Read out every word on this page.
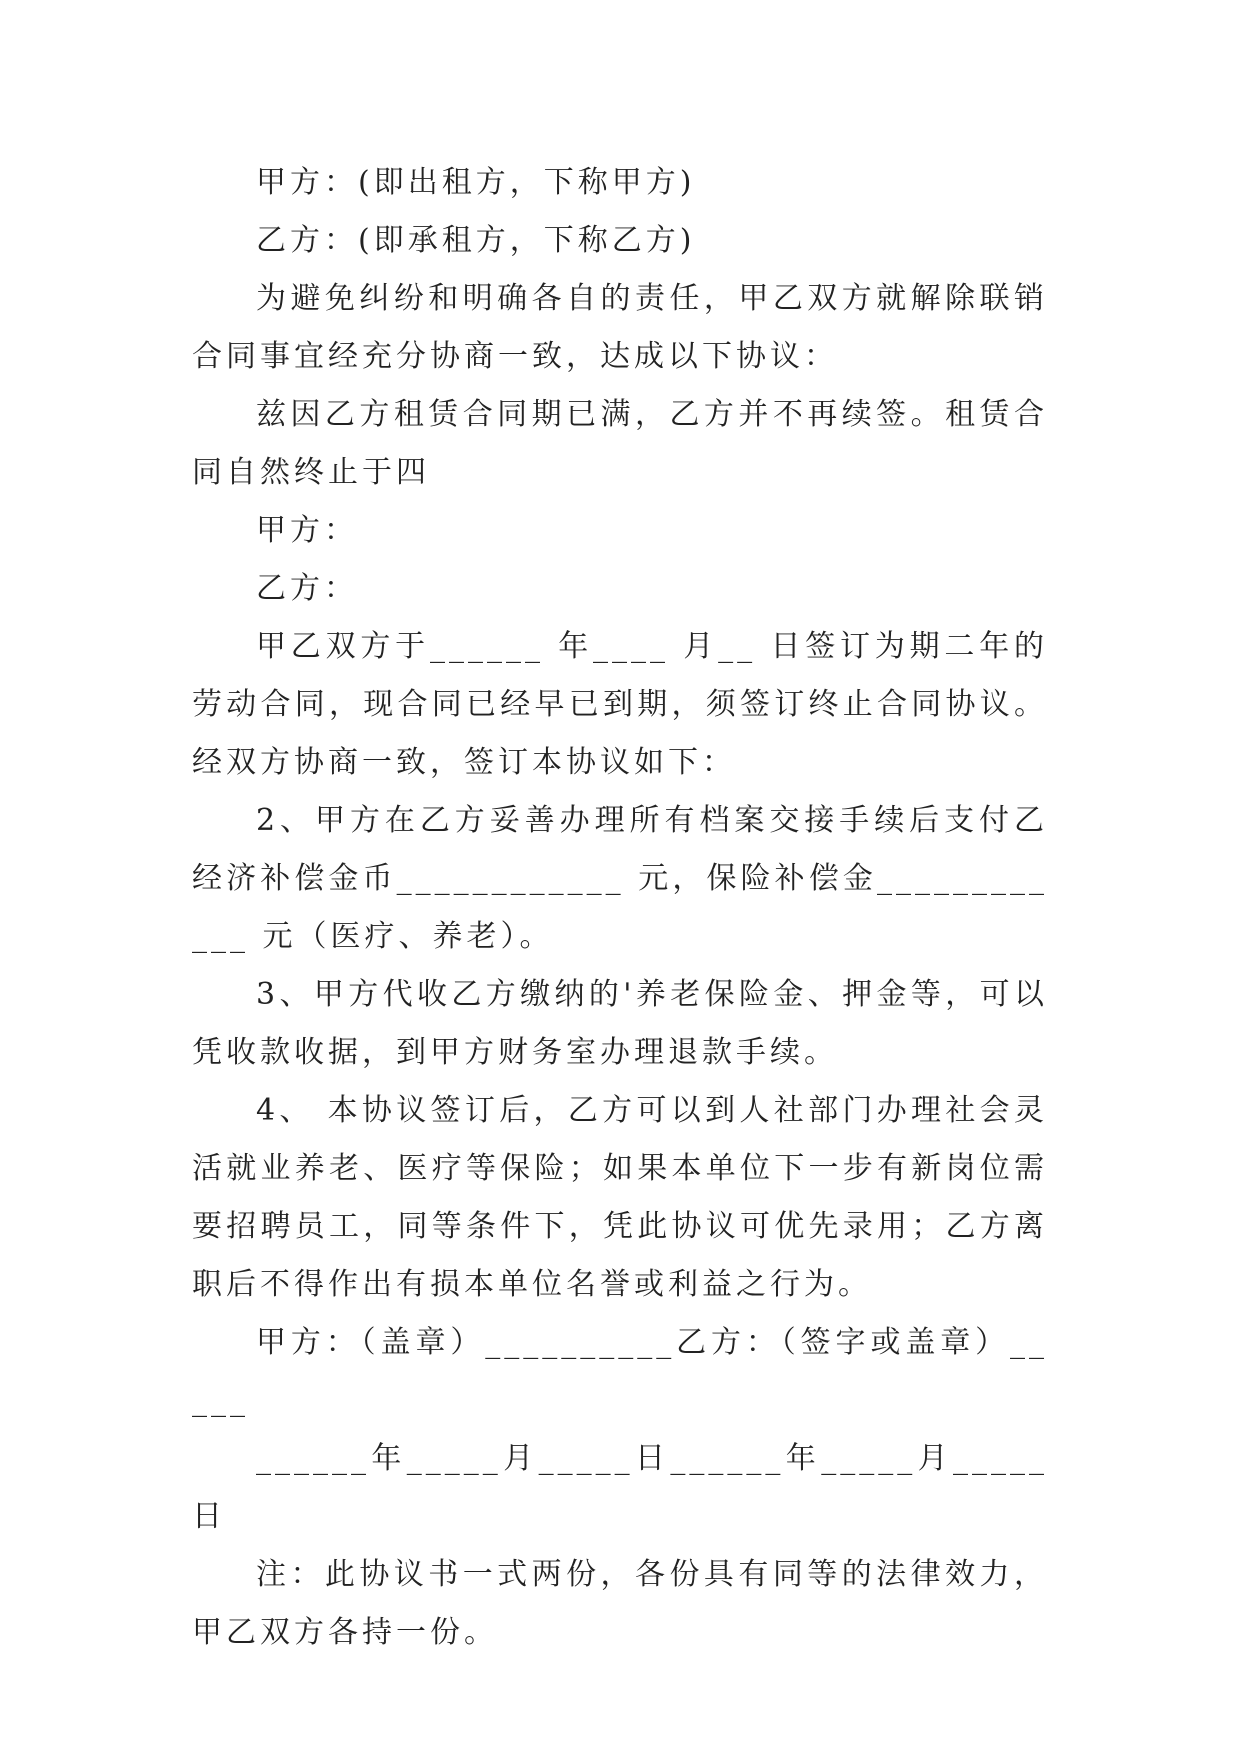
甲方：(即出租方，下称甲方)

乙方：(即承租方，下称乙方)

为避免纠纷和明确各自的责任，甲乙双方就解除联销合同事宜经充分协商一致，达成以下协议：

兹因乙方租赁合同期已满，乙方并不再续签。租赁合同自然终止于四

甲方：

乙方：

甲乙双方于______ 年____ 月__ 日签订为期二年的劳动合同，现合同已经早已到期，须签订终止合同协议。经双方协商一致，签订本协议如下：

2、甲方在乙方妥善办理所有档案交接手续后支付乙经济补偿金币____________ 元，保险补偿金____________ 元（医疗、养老）。

3、甲方代收乙方缴纳的'养老保险金、押金等，可以凭收款收据，到甲方财务室办理退款手续。

4、 本协议签订后，乙方可以到人社部门办理社会灵活就业养老、医疗等保险；如果本单位下一步有新岗位需要招聘员工，同等条件下，凭此协议可优先录用；乙方离职后不得作出有损本单位名誉或利益之行为。

甲方：（盖章）__________乙方：（签字或盖章）_____

______年_____月_____日______年_____月_____日

注：此协议书一式两份，各份具有同等的法律效力，甲乙双方各持一份。
